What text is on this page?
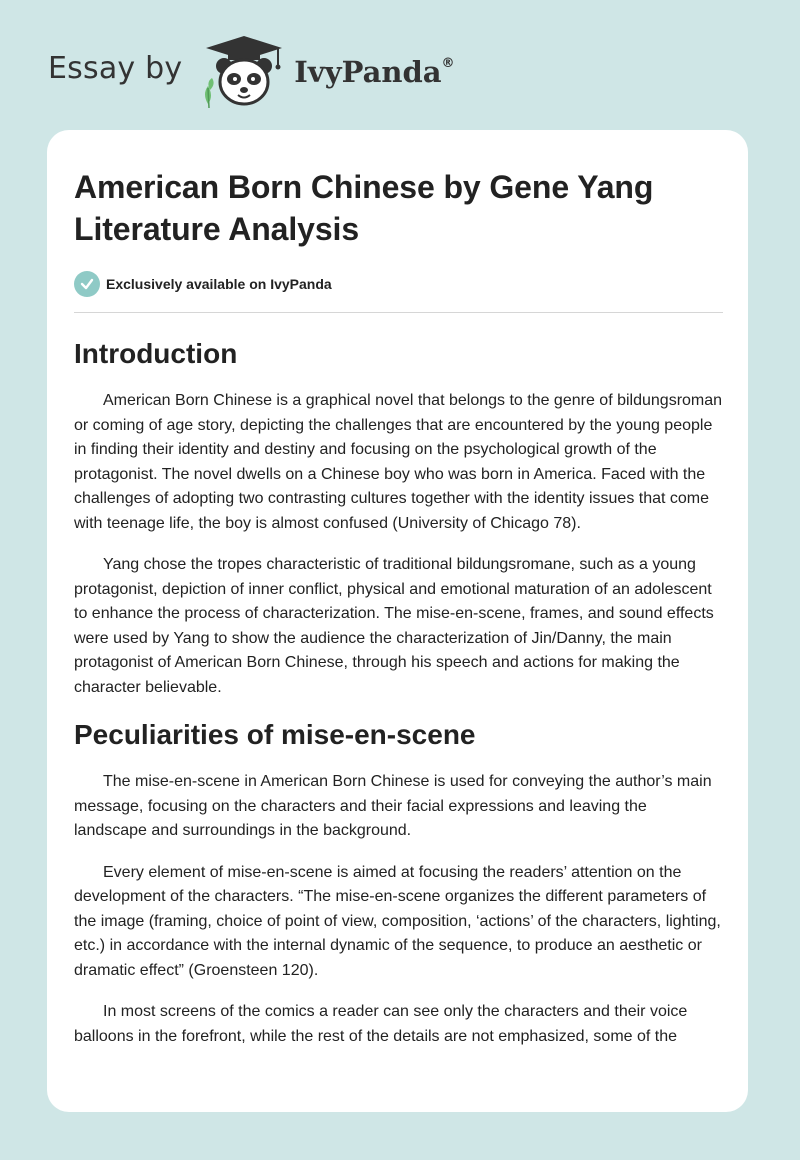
Essay by	IvyPanda®
American Born Chinese by Gene Yang
Literature Analysis
Exclusively available on IvyPanda
Introduction

American Born Chinese is a graphical novel that belongs to the genre of bildungsroman or coming of age story, depicting the challenges that are encountered by the young people in finding their identity and destiny and focusing on the psychological growth of the protagonist. The novel dwells on a Chinese boy who was born in America. Faced with the challenges of adopting two contrasting cultures together with the identity issues that come with teenage life, the boy is almost confused (University of Chicago 78).

Yang chose the tropes characteristic of traditional bildungsromane, such as a young protagonist, depiction of inner conflict, physical and emotional maturation of an adolescent to enhance the process of characterization. The mise-en-scene, frames, and sound effects were used by Yang to show the audience the characterization of Jin/Danny, the main protagonist of American Born Chinese, through his speech and actions for making the character believable.

Peculiarities of mise-en-scene

The mise-en-scene in American Born Chinese is used for conveying the author’s main message, focusing on the characters and their facial expressions and leaving the landscape and surroundings in the background.

Every element of mise-en-scene is aimed at focusing the readers’ attention on the development of the characters. “The mise-en-scene organizes the different parameters of the image (framing, choice of point of view, composition, ‘actions’ of the characters, lighting, etc.) in accordance with the internal dynamic of the sequence, to produce an aesthetic or dramatic effect” (Groensteen 120).

In most screens of the comics a reader can see only the characters and their voice balloons in the forefront, while the rest of the details are not emphasized, some of the
